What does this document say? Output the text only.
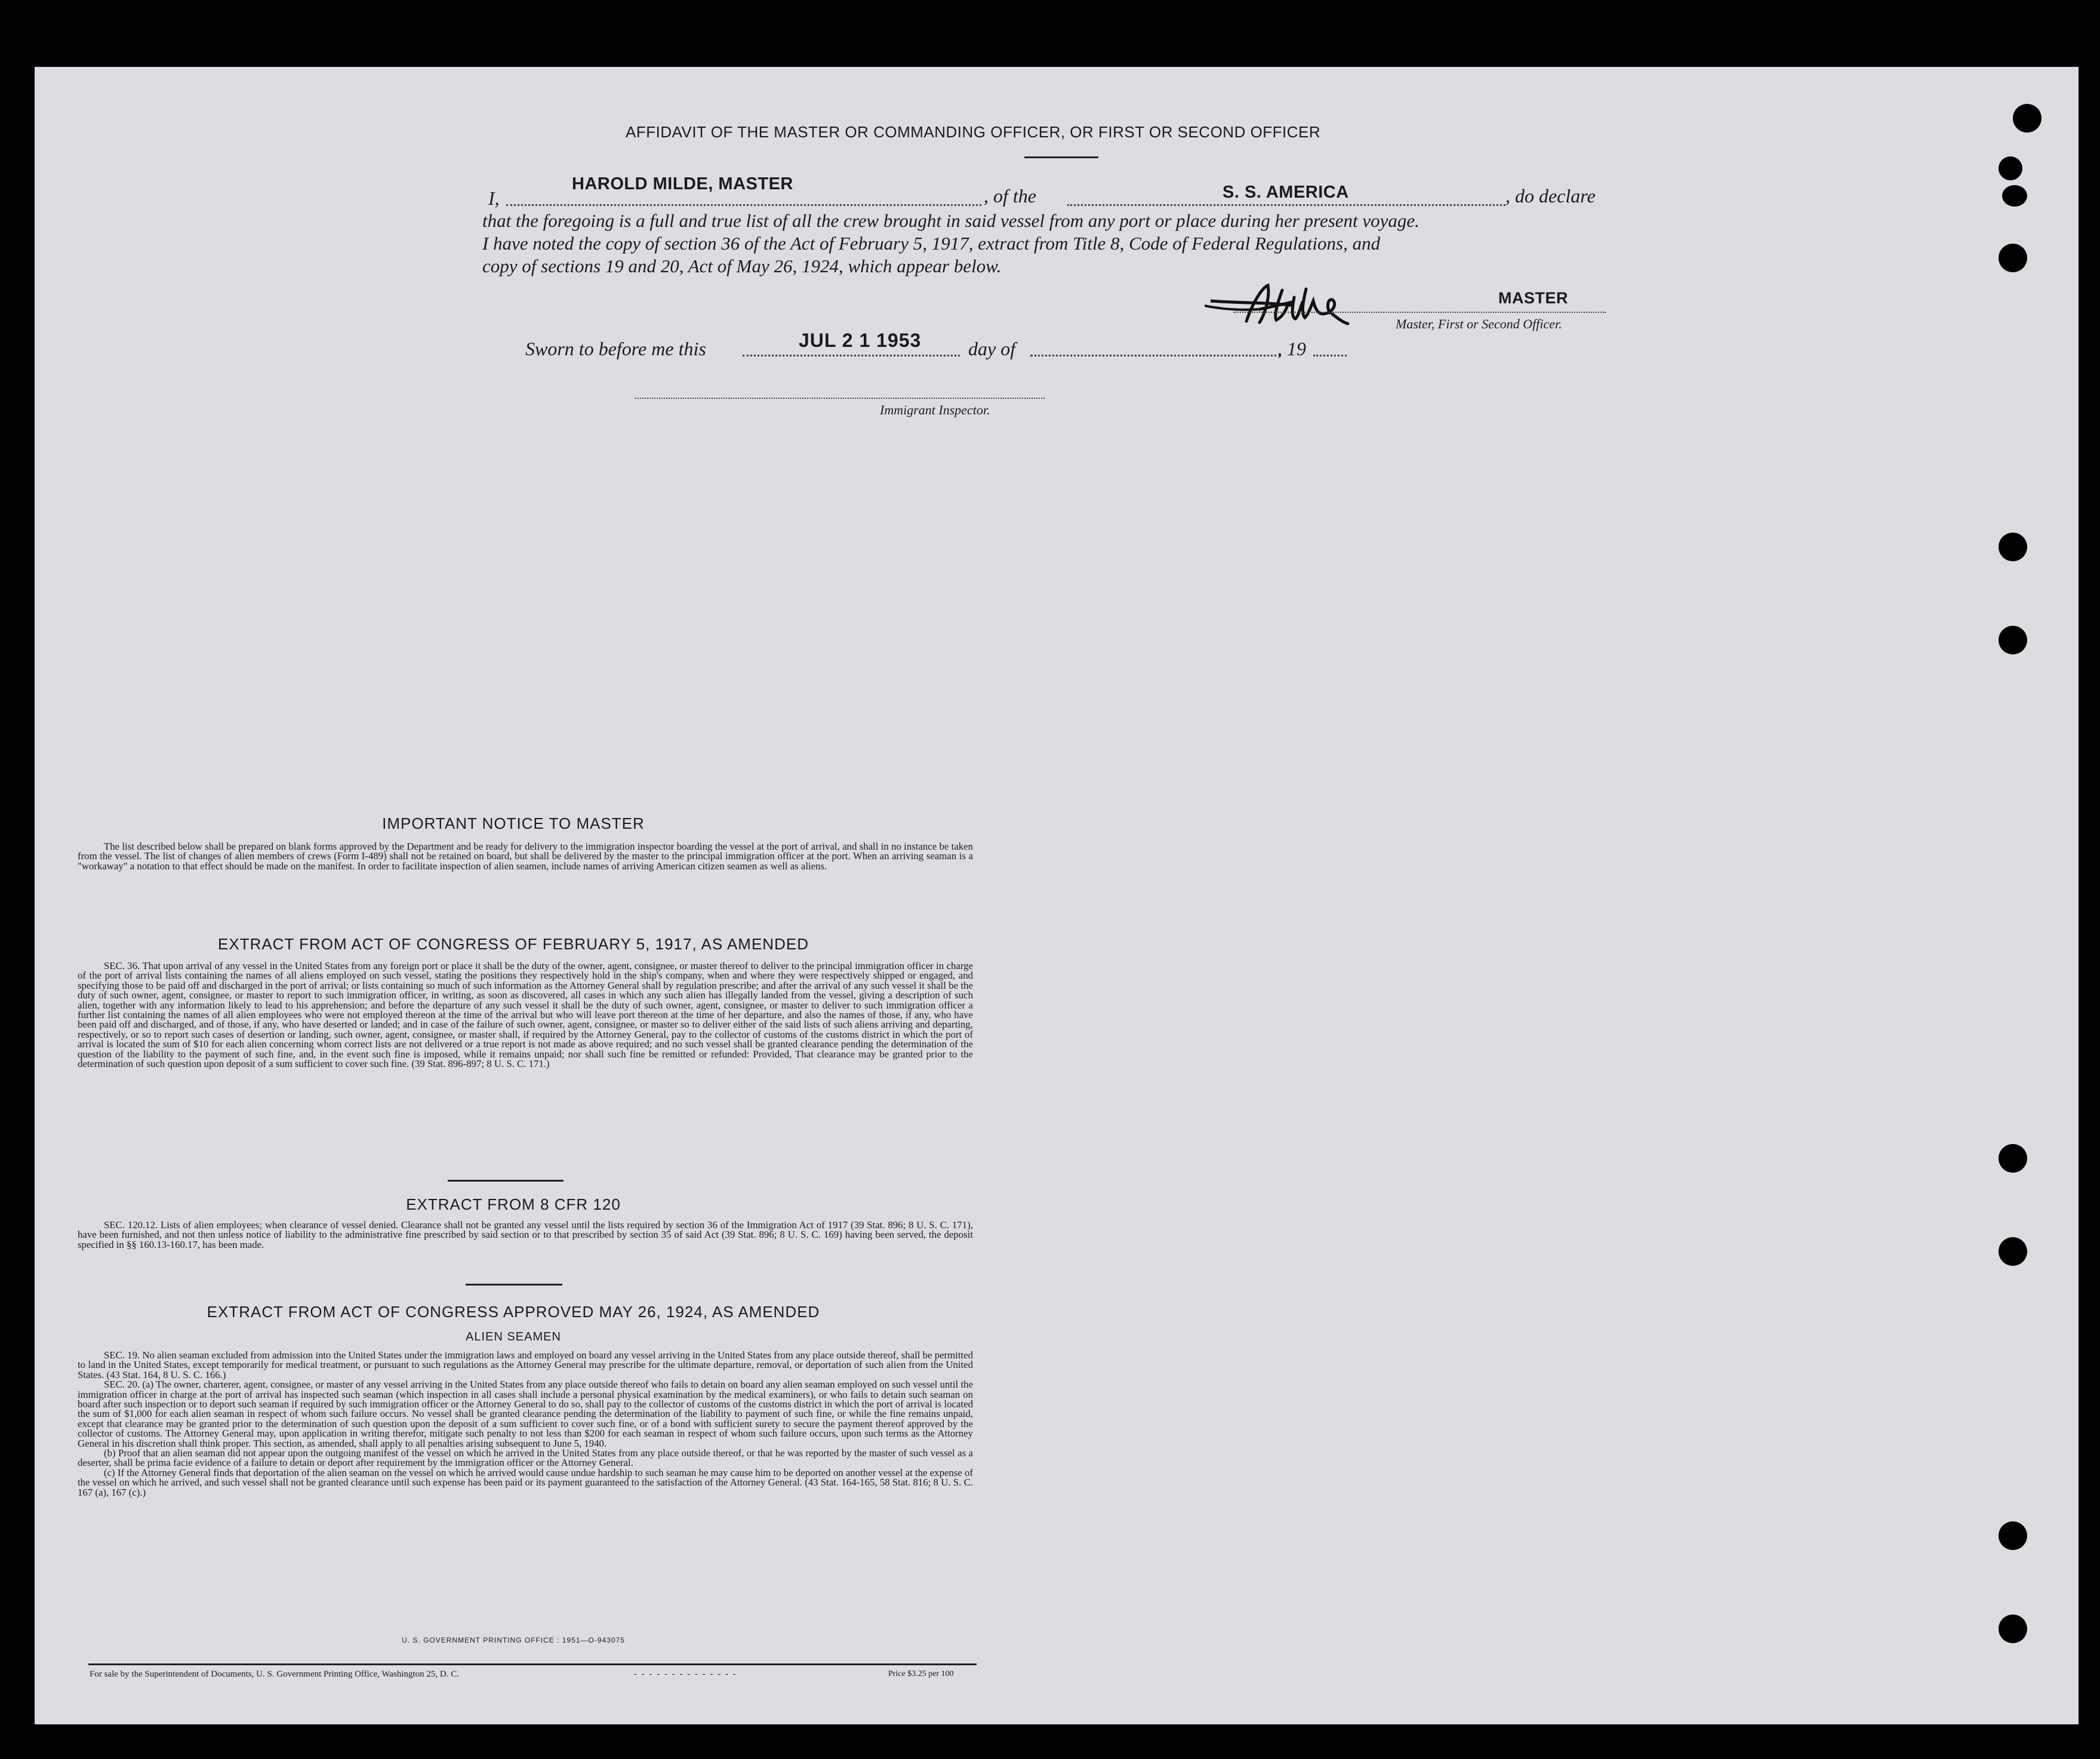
AFFIDAVIT OF THE MASTER OR COMMANDING OFFICER, OR FIRST OR SECOND OFFICER
I,
HAROLD MILDE, MASTER
, of the	S. S. AMERICA	, do declare
that the foregoing is a full and true list of all the crew brought in said vessel from any port or place during her present voyage.
I have noted the copy of section 36 of the Act of February 5, 1917, extract from Title 8, Code of Federal Regulations, and
copy of sections 19 and 20, Act of May 26, 1924, which appear below.
MASTER
Master, First or Second Officer.
Sworn to before me this	JUL 2 1 1953 day of	, 19
Immigrant Inspector.
IMPORTANT NOTICE TO MASTER

The list described below shall be prepared on blank forms approved by the Department and be ready for delivery to the immigration inspector boarding the vessel at the port of arrival, and shall in no instance be taken from the vessel. The list of changes of alien members of crews (Form I-489) shall not be retained on board, but shall be delivered by the master to the principal immigration officer at the port. When an arriving seaman is a "workaway" a notation to that effect should be made on the manifest. In order to facilitate inspection of alien seamen, include names of arriving American citizen seamen as well as aliens.

EXTRACT FROM ACT OF CONGRESS OF FEBRUARY 5, 1917, AS AMENDED

SEC. 36. That upon arrival of any vessel in the United States from any foreign port or place it shall be the duty of the owner, agent, consignee, or master thereof to deliver to the principal immigration officer in charge of the port of arrival lists containing the names of all aliens employed on such vessel, stating the positions they respectively hold in the ship's company, when and where they were respectively shipped or engaged, and specifying those to be paid off and discharged in the port of arrival; or lists containing so much of such information as the Attorney General shall by regulation prescribe; and after the arrival of any such vessel it shall be the duty of such owner, agent, consignee, or master to report to such immigration officer, in writing, as soon as discovered, all cases in which any such alien has illegally landed from the vessel, giving a description of such alien, together with any information likely to lead to his apprehension; and before the departure of any such vessel it shall be the duty of such owner, agent, consignee, or master to deliver to such immigration officer a further list containing the names of all alien employees who were not employed thereon at the time of the arrival but who will leave port thereon at the time of her departure, and also the names of those, if any, who have been paid off and discharged, and of those, if any, who have deserted or landed; and in case of the failure of such owner, agent, consignee, or master so to deliver either of the said lists of such aliens arriving and departing, respectively, or so to report such cases of desertion or landing, such owner, agent, consignee, or master shall, if required by the Attorney General, pay to the collector of customs of the customs district in which the port of arrival is located the sum of $10 for each alien concerning whom correct lists are not delivered or a true report is not made as above required; and no such vessel shall be granted clearance pending the determination of the question of the liability to the payment of such fine, and, in the event such fine is imposed, while it remains unpaid; nor shall such fine be remitted or refunded: Provided, That clearance may be granted prior to the determination of such question upon deposit of a sum sufficient to cover such fine. (39 Stat. 896-897; 8 U. S. C. 171.)

EXTRACT FROM 8 CFR 120

SEC. 120.12. Lists of alien employees; when clearance of vessel denied. Clearance shall not be granted any vessel until the lists required by section 36 of the Immigration Act of 1917 (39 Stat. 896; 8 U. S. C. 171), have been furnished, and not then unless notice of liability to the administrative fine prescribed by said section or to that prescribed by section 35 of said Act (39 Stat. 896; 8 U. S. C. 169) having been served, the deposit specified in §§ 160.13-160.17, has been made.

EXTRACT FROM ACT OF CONGRESS APPROVED MAY 26, 1924, AS AMENDED
ALIEN SEAMEN

SEC. 19. No alien seaman excluded from admission into the United States under the immigration laws and employed on board any vessel arriving in the United States from any place outside thereof, shall be permitted to land in the United States, except temporarily for medical treatment, or pursuant to such regulations as the Attorney General may prescribe for the ultimate departure, removal, or deportation of such alien from the United States. (43 Stat. 164, 8 U. S. C. 166.)

SEC. 20. (a) The owner, charterer, agent, consignee, or master of any vessel arriving in the United States from any place outside thereof who fails to detain on board any alien seaman employed on such vessel until the immigration officer in charge at the port of arrival has inspected such seaman (which inspection in all cases shall include a personal physical examination by the medical examiners), or who fails to detain such seaman on board after such inspection or to deport such seaman if required by such immigration officer or the Attorney General to do so, shall pay to the collector of customs of the customs district in which the port of arrival is located the sum of $1,000 for each alien seaman in respect of whom such failure occurs. No vessel shall be granted clearance pending the determination of the liability to payment of such fine, or while the fine remains unpaid, except that clearance may be granted prior to the determination of such question upon the deposit of a sum sufficient to cover such fine, or of a bond with sufficient surety to secure the payment thereof approved by the collector of customs. The Attorney General may, upon application in writing therefor, mitigate such penalty to not less than $200 for each seaman in respect of whom such failure occurs, upon such terms as the Attorney General in his discretion shall think proper. This section, as amended, shall apply to all penalties arising subsequent to June 5, 1940.

(b) Proof that an alien seaman did not appear upon the outgoing manifest of the vessel on which he arrived in the United States from any place outside thereof, or that he was reported by the master of such vessel as a deserter, shall be prima facie evidence of a failure to detain or deport after requirement by the immigration officer or the Attorney General.

(c) If the Attorney General finds that deportation of the alien seaman on the vessel on which he arrived would cause undue hardship to such seaman he may cause him to be deported on another vessel at the expense of the vessel on which he arrived, and such vessel shall not be granted clearance until such expense has been paid or its payment guaranteed to the satisfaction of the Attorney General. (43 Stat. 164-165, 58 Stat. 816; 8 U. S. C. 167 (a), 167 (c).)

U. S. GOVERNMENT PRINTING OFFICE : 1951—O-943075
For sale by the Superintendent of Documents, U. S. Government Printing Office, Washington 25, D. C.	- - - - - - - - - - - - - -	Price $3.25 per 100
